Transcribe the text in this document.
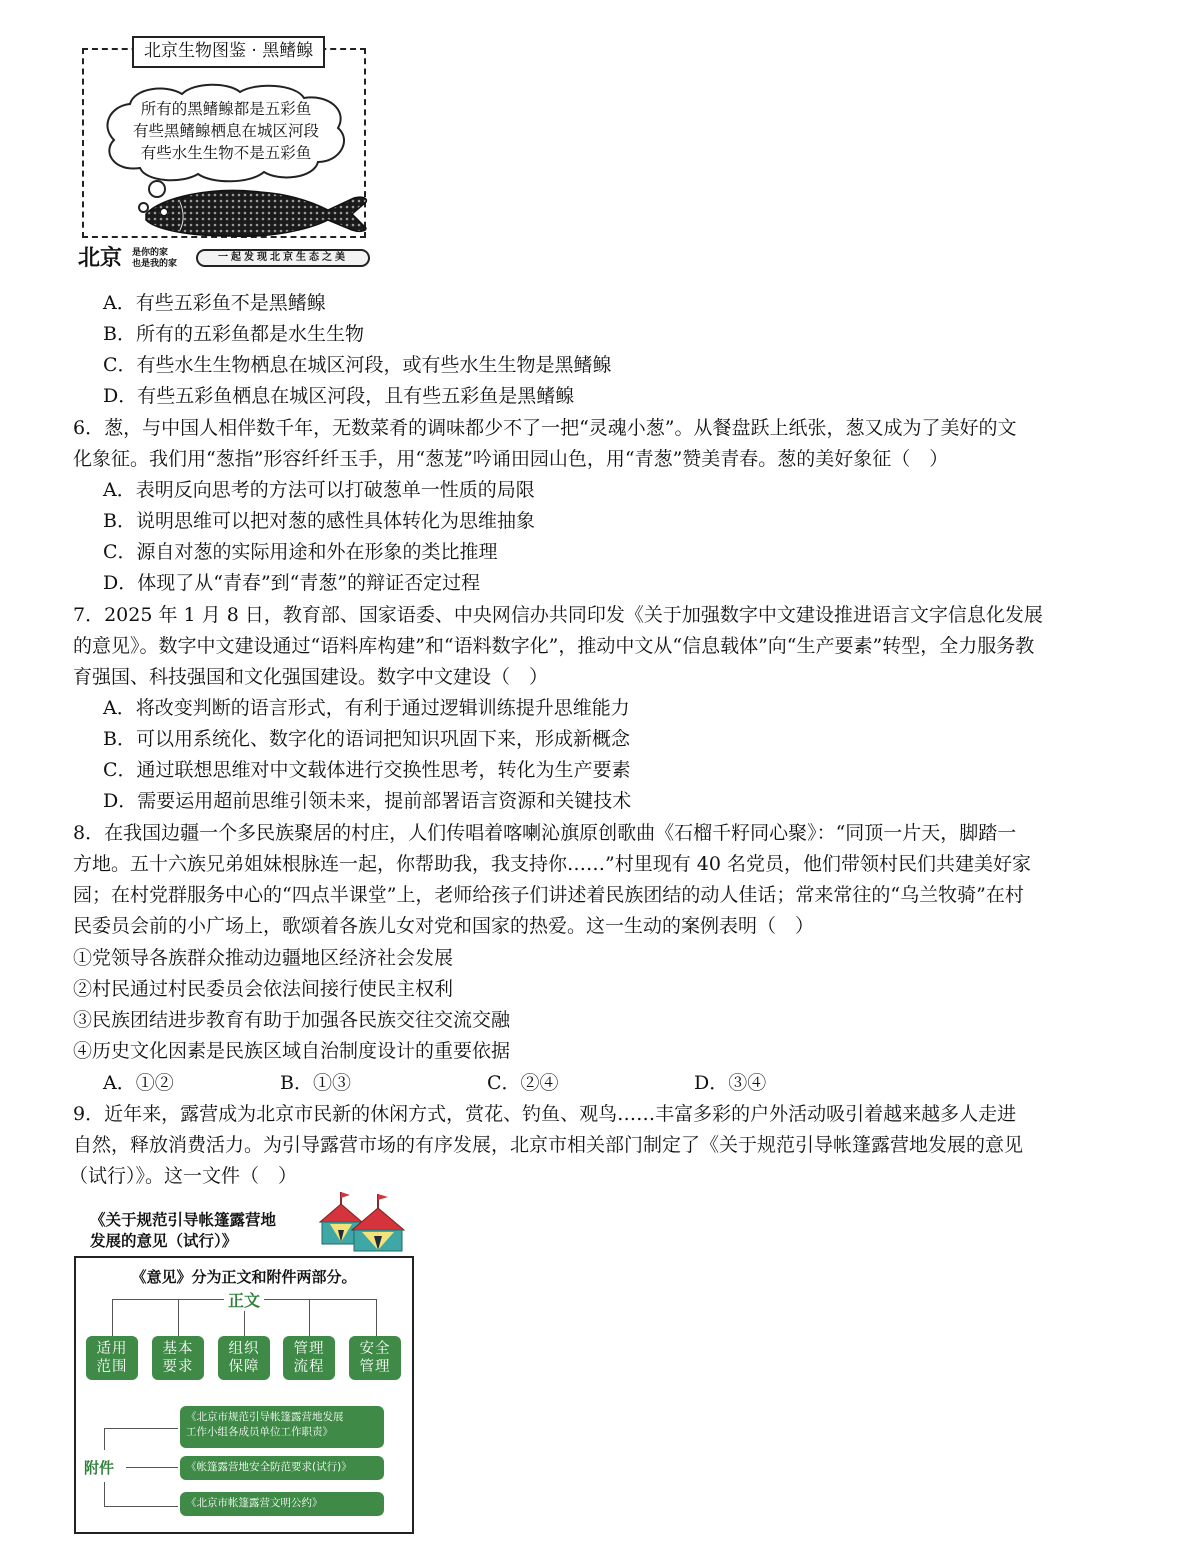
北京生物图鉴 · 黑鳍鳈
所有的黑鳍鳈都是五彩鱼
有些黑鳍鳈栖息在城区河段
有些水生生物不是五彩鱼
北京 是你的家
也是我的家
一起发现北京生态之美
A．有些五彩鱼不是黑鳍鳈
B．所有的五彩鱼都是水生生物
C．有些水生生物栖息在城区河段，或有些水生生物是黑鳍鳈
D．有些五彩鱼栖息在城区河段，且有些五彩鱼是黑鳍鳈
6．葱，与中国人相伴数千年，无数菜肴的调味都少不了一把“灵魂小葱”。从餐盘跃上纸张，葱又成为了美好的文
化象征。我们用“葱指”形容纤纤玉手，用“葱茏”吟诵田园山色，用“青葱”赞美青春。葱的美好象征（　）
A．表明反向思考的方法可以打破葱单一性质的局限
B．说明思维可以把对葱的感性具体转化为思维抽象
C．源自对葱的实际用途和外在形象的类比推理
D．体现了从“青春”到“青葱”的辩证否定过程
7．2025 年 1 月 8 日，教育部、国家语委、中央网信办共同印发《关于加强数字中文建设推进语言文字信息化发展
的意见》。数字中文建设通过“语料库构建”和“语料数字化”，推动中文从“信息载体”向“生产要素”转型，全力服务教
育强国、科技强国和文化强国建设。数字中文建设（　）
A．将改变判断的语言形式，有利于通过逻辑训练提升思维能力
B．可以用系统化、数字化的语词把知识巩固下来，形成新概念
C．通过联想思维对中文载体进行交换性思考，转化为生产要素
D．需要运用超前思维引领未来，提前部署语言资源和关键技术
8．在我国边疆一个多民族聚居的村庄，人们传唱着喀喇沁旗原创歌曲《石榴千籽同心聚》：“同顶一片天，脚踏一
方地。五十六族兄弟姐妹根脉连一起，你帮助我，我支持你……”村里现有 40 名党员，他们带领村民们共建美好家
园；在村党群服务中心的“四点半课堂”上，老师给孩子们讲述着民族团结的动人佳话；常来常往的“乌兰牧骑”在村
民委员会前的小广场上，歌颂着各族儿女对党和国家的热爱。这一生动的案例表明（　）
①党领导各族群众推动边疆地区经济社会发展
②村民通过村民委员会依法间接行使民主权利
③民族团结进步教育有助于加强各民族交往交流交融
④历史文化因素是民族区域自治制度设计的重要依据
A．①②	B．①③	C．②④	D．③④
9．近年来，露营成为北京市民新的休闲方式，赏花、钓鱼、观鸟……丰富多彩的户外活动吸引着越来越多人走进
自然，释放消费活力。为引导露营市场的有序发展，北京市相关部门制定了《关于规范引导帐篷露营地发展的意见
（试行）》。这一文件（　）
《关于规范引导帐篷露营地
发展的意见（试行）》
《意见》分为正文和附件两部分。
正文
适用
范围
基本
要求
组织
保障
管理
流程
安全
管理
附件
《北京市规范引导帐篷露营地发展
工作小组各成员单位工作职责》
《帐篷露营地安全防范要求(试行)》
《北京市帐篷露营文明公约》
